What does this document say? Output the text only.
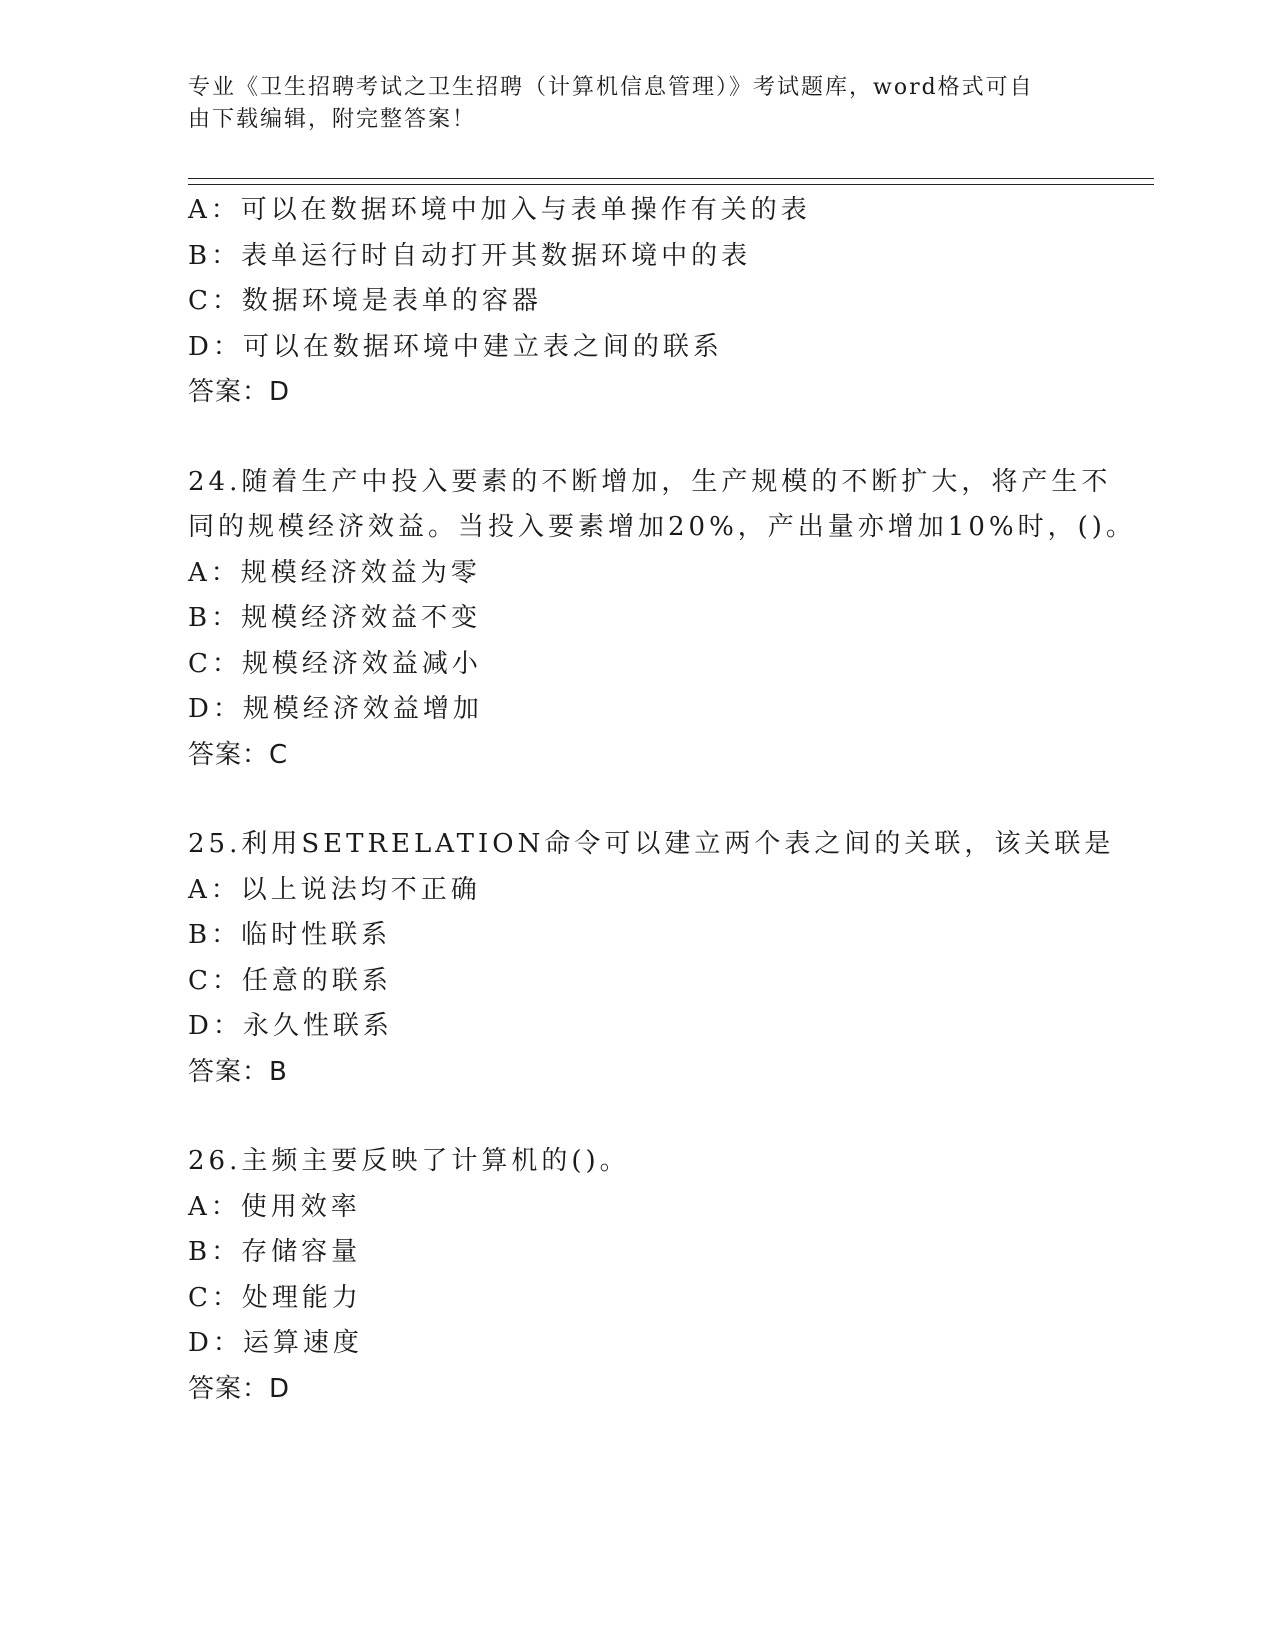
专业《卫生招聘考试之卫生招聘（计算机信息管理）》考试题库，word格式可自
由下载编辑，附完整答案！
A：可以在数据环境中加入与表单操作有关的表
B：表单运行时自动打开其数据环境中的表
C：数据环境是表单的容器
D：可以在数据环境中建立表之间的联系
答案：D
24.随着生产中投入要素的不断增加，生产规模的不断扩大，将产生不
同的规模经济效益。当投入要素增加20%，产出量亦增加10%时，()。
A：规模经济效益为零
B：规模经济效益不变
C：规模经济效益减小
D：规模经济效益增加
答案：C
25.利用SETRELATION命令可以建立两个表之间的关联，该关联是
A：以上说法均不正确
B：临时性联系
C：任意的联系
D：永久性联系
答案：B
26.主频主要反映了计算机的()。
A：使用效率
B：存储容量
C：处理能力
D：运算速度
答案：D
